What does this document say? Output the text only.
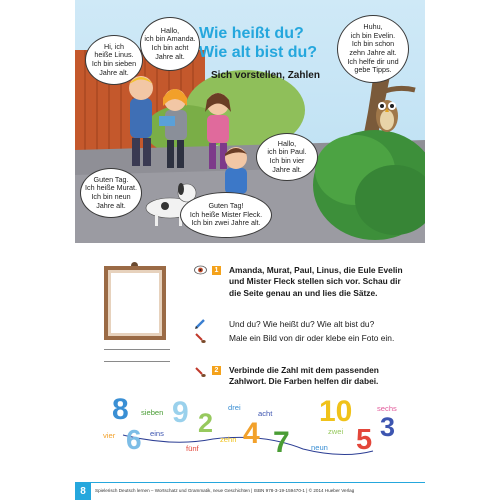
Wie heißt du?
Wie alt bist du?
Sich vorstellen, Zahlen
Hi, ich
heiße Linus.
Ich bin sieben
Jahre alt.
Hallo,
ich bin Amanda.
Ich bin acht
Jahre alt.
Huhu,
ich bin Evelin.
Ich bin schon
zehn Jahre alt.
Ich helfe dir und
gebe Tipps.
Hallo,
ich bin Paul.
Ich bin vier
Jahre alt.
Guten Tag.
Ich heiße Murat.
Ich bin neun
Jahre alt.	Guten Tag!
Ich heiße Mister Fleck.
Ich bin zwei Jahre alt.
1	Amanda, Murat, Paul, Linus, die Eule Evelin und Mister Fleck stellen sich vor. Schau dir die Seite genau an und lies die Sätze.
Und du? Wie heißt du? Wie alt bist du?
Male ein Bild von dir oder klebe ein Foto ein.
2	Verbinde die Zahl mit dem passenden Zahlwort. Die Farben helfen dir dabei.
8
6
9 2 4 7
10
5 3
sieben
vier	eins
drei
acht
fünf
zehn
zwei
neun
sechs
8	Spielerisch Deutsch lernen – Wortschatz und Grammatik, neue Geschichten | ISBN 978-3-19-159470-1 | © 2014 Hueber Verlag
